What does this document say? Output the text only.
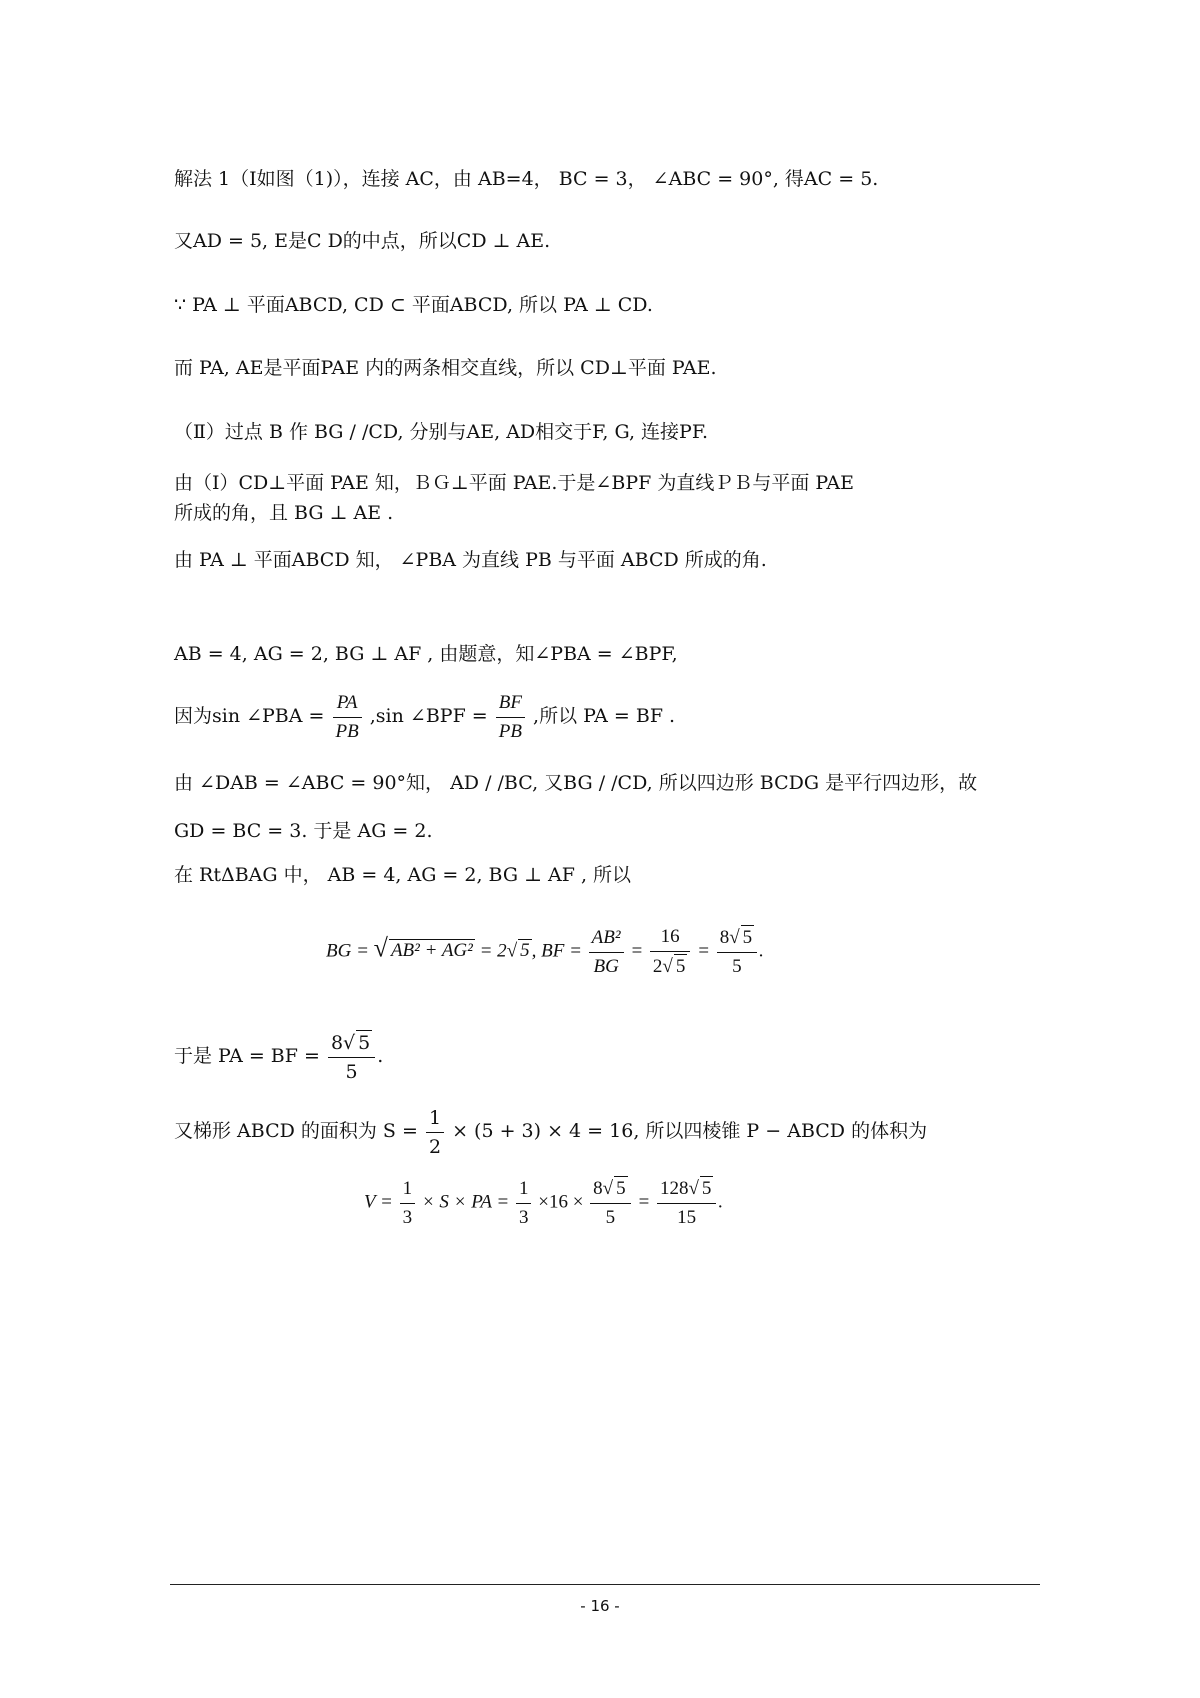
解法 1（Ⅰ如图（1)），连接 AC，由 AB=4， BC = 3， ∠ABC = 90°, 得AC = 5.
又AD = 5, E是C D的中点，所以CD ⊥ AE.
∵ PA ⊥ 平面ABCD, CD ⊂ 平面ABCD, 所以 PA ⊥ CD.
而 PA, AE是平面PAE 内的两条相交直线，所以 CD⊥平面 PAE.
（Ⅱ）过点 B 作 BG / /CD, 分别与AE, AD相交于F, G, 连接PF.
由（Ⅰ）CD⊥平面 PAE 知，ＢＧ⊥平面 PAE.于是∠BPF 为直线ＰＢ与平面 PAE
所成的角，且 BG ⊥ AE .
由 PA ⊥ 平面ABCD 知， ∠PBA 为直线 PB 与平面 ABCD 所成的角.
AB = 4, AG = 2, BG ⊥ AF , 由题意，知∠PBA = ∠BPF,
因为sin ∠PBA = $\frac{PA}{PB} ,\sin$ ∠BPF = $\frac{BF}{PB}$ ,所以 PA = BF .
由 ∠DAB = ∠ABC = 90°知， AD / /BC, 又BG / /CD, 所以四边形 BCDG 是平行四边形，故
GD = BC = 3. 于是 AG = 2.
在 RtΔBAG 中， AB = 4, AG = 2, BG ⊥ AF , 所以
BG = √ AB² + AG² = 2√ 5 , BF = $\frac{\text{AB²}}{BG} = \frac{16}{2√ 5} = \frac{8√ 5}{5}$ .
于是 PA = BF = $\frac{8√ 5}{5}$ .
又梯形 ABCD 的面积为 $S = \frac{1}{2} \times (5 + 3) \times 4 = 16$, 所以四棱锥 P − ABCD 的体积为
$V = \frac{1}{3} \times S$ × PA = $\frac{1}{3} \times 16 \times \frac{8√ 5}{5} = \frac{128√ 5}{15}$ .
- 16 -
